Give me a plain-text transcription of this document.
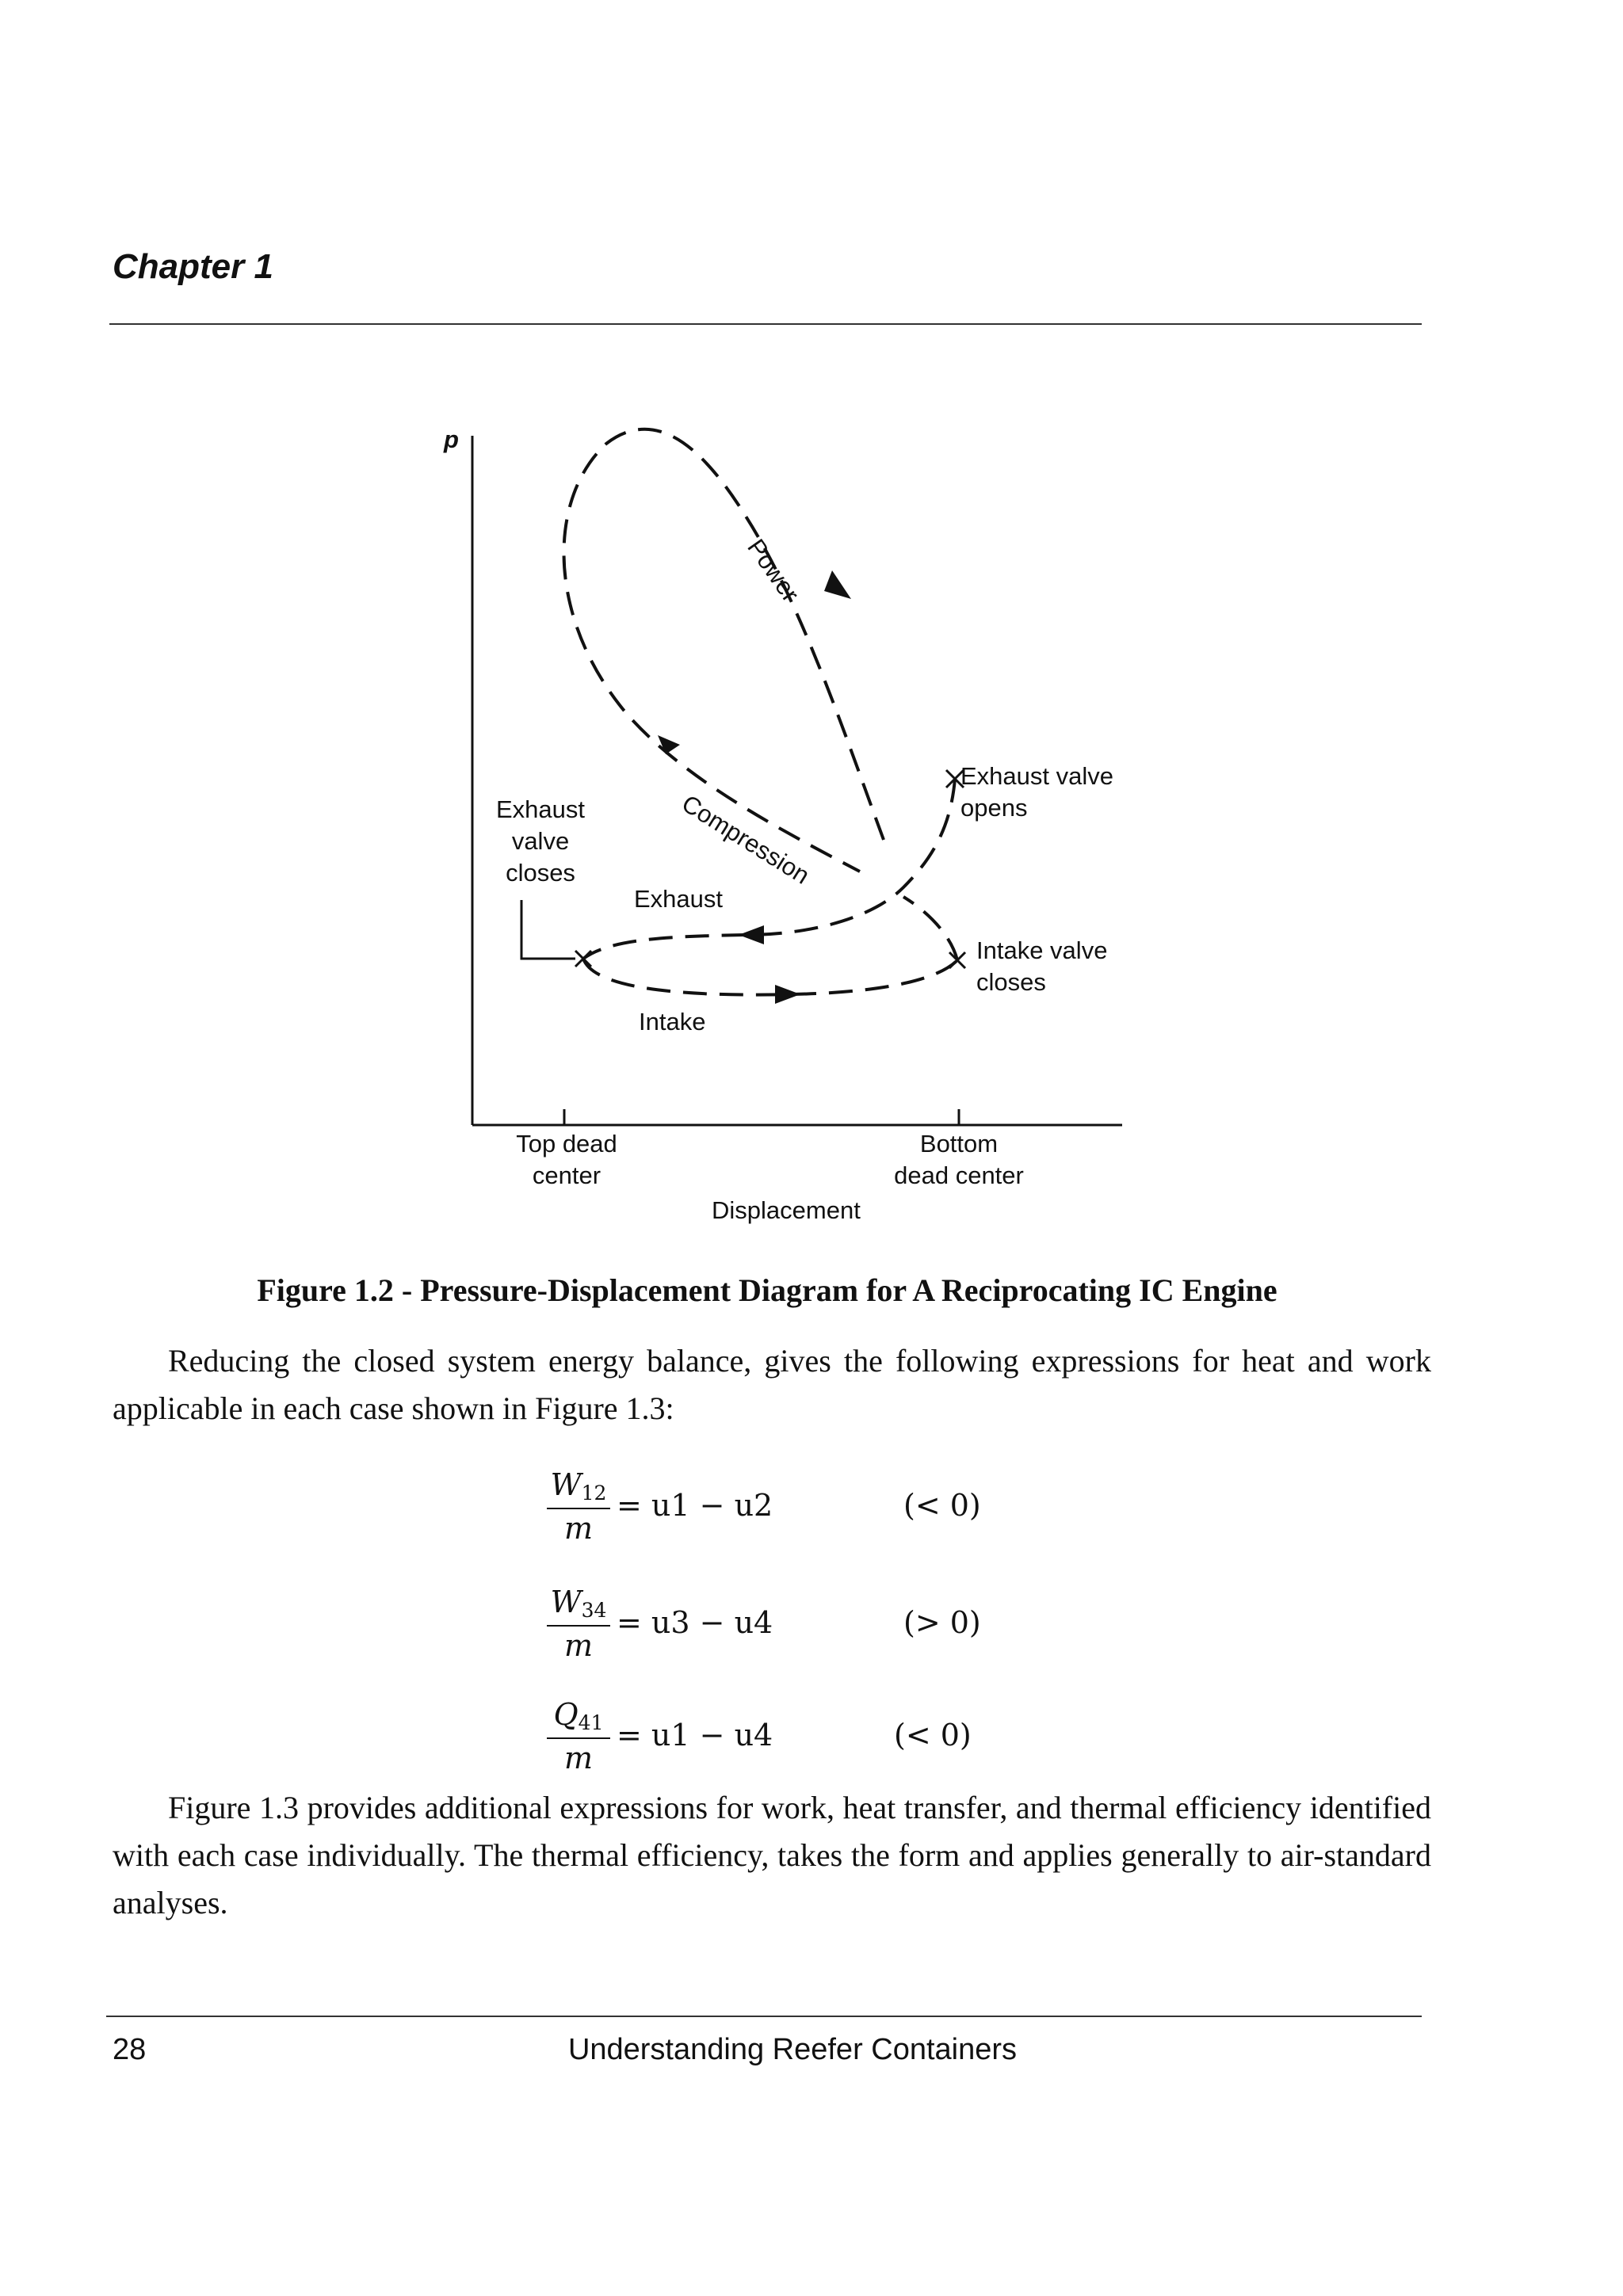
Chapter 1
p
Power
Compression
Exhaust
Intake
Displacement
Exhaust valve
opens
Exhaust
valve
closes
Intake valve
closes
Top dead
center
Bottom
dead center
Figure 1.2 - Pressure-Displacement Diagram for A Reciprocating IC Engine
Reducing the closed system energy balance, gives the following expressions for heat and work applicable in each case shown in Figure 1.3:
$\frac{W_{12}}{m} = u1 - u2$	(< 0)
$\frac{W_{34}}{m} = u3 - u4$	(> 0)
$\frac{Q_{41}}{m} = u1 - u4$	(< 0)
Figure 1.3 provides additional expressions for work, heat transfer, and thermal efficiency identified with each case individually. The thermal efficiency, takes the form and applies generally to air-standard analyses.
28	Understanding Reefer Containers
